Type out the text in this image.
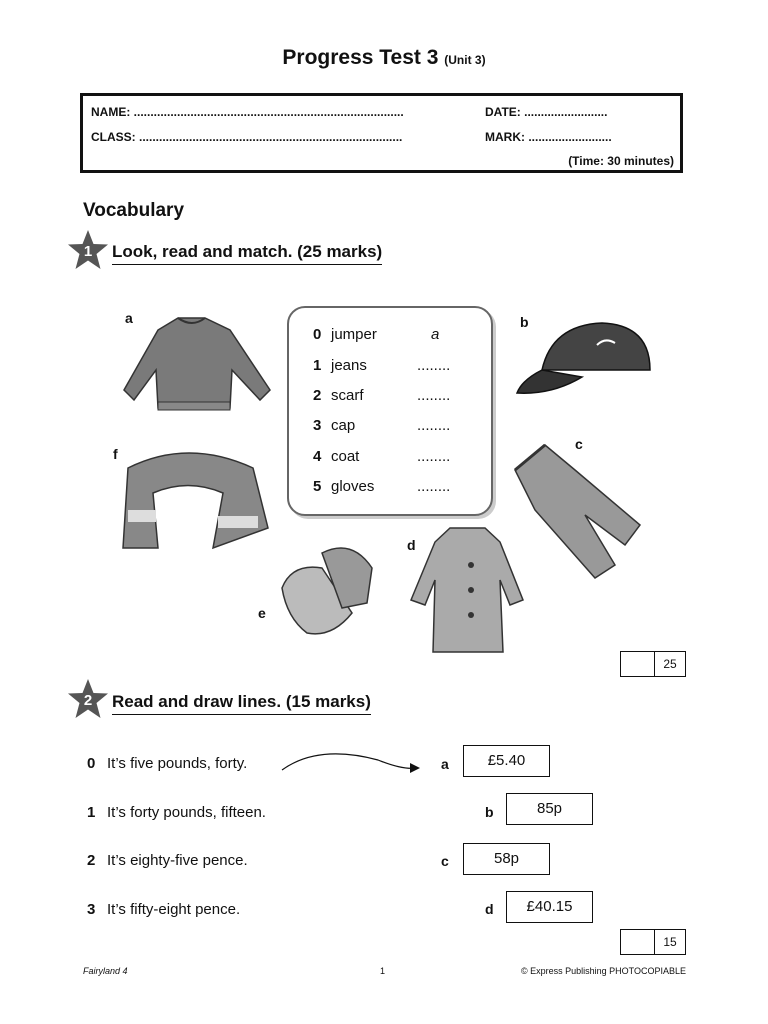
Progress Test 3 (Unit 3)
NAME: .................................................................................	DATE: .........................
CLASS: ...............................................................................	MARK: .........................
(Time: 30 minutes)
Vocabulary
1	Look, read and match. (25 marks)
a	b
c
d
e
f
0 jumper	a
1 jeans	........
2 scarf	........
3 cap	........
4 coat	........
5 gloves	........
25
2	Read and draw lines. (15 marks)
0 It’s five pounds, forty.
1 It’s forty pounds, fifteen.
2 It’s eighty-five pence.
3 It’s fifty-eight pence.
a	£5.40
b	85p
c	58p
d	£40.15
15
Fairyland 4	1	© Express Publishing PHOTOCOPIABLE
